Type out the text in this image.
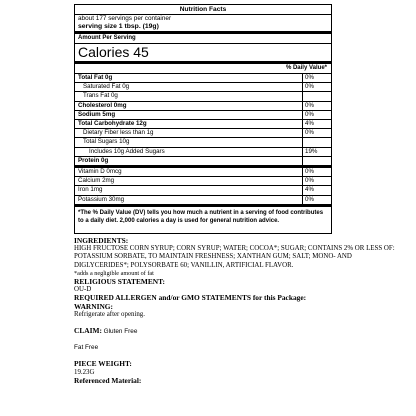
Nutrition Facts
about 177 servings per container
serving size 1 tbsp. (19g)
Amount Per Serving
Calories 45
% Daily Value*
Total Fat 0g	0%
Saturated Fat 0g	0%
Trans Fat 0g	
Cholesterol 0mg	0%
Sodium 5mg	0%
Total Carbohydrate 12g	4%
Dietary Fiber less than 1g	0%
Total Sugars 10g	
Includes 10g Added Sugars	19%
Protein 0g	
Vitamin D 0mcg	0%
Calcium 2mg	0%
Iron 1mg	4%
Potassium 30mg	0%
*The % Daily Value (DV) tells you how much a nutrient in a serving of food contributes to a daily diet. 2,000 calories a day is used for general nutrition advice.
INGREDIENTS:
HIGH FRUCTOSE CORN SYRUP; CORN SYRUP; WATER; COCOA*; SUGAR; CONTAINS 2% OR LESS OF: POTASSIUM SORBATE, TO MAINTAIN FRESHNESS; XANTHAN GUM; SALT; MONO- AND DIGLYCERIDES*; POLYSORBATE 60; VANILLIN, ARTIFICIAL FLAVOR.
*adds a negligible amount of fat
RELIGIOUS STATEMENT:
OU-D
REQUIRED ALLERGEN and/or GMO STATEMENTS for this Package:
WARNING:
Refrigerate after opening.
CLAIM: Gluten Free
Fat Free
PIECE WEIGHT:
19.23G
Referenced Material:
